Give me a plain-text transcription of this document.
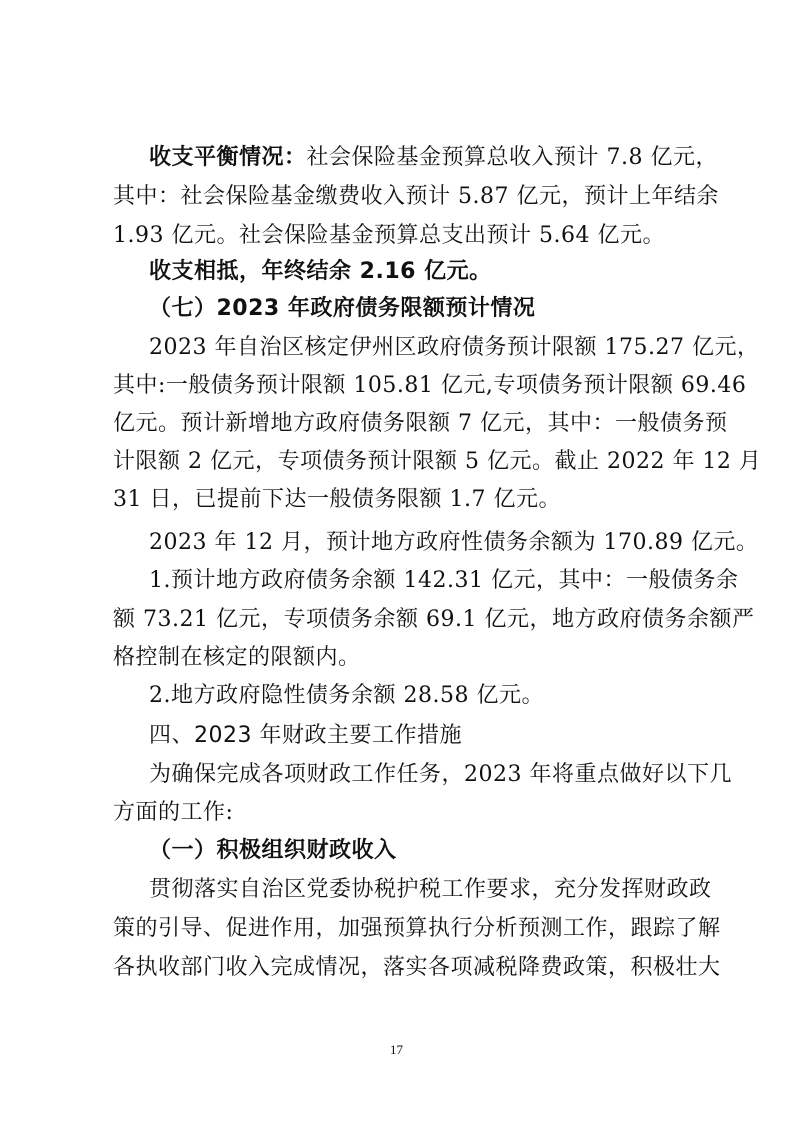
收支平衡情况：社会保险基金预算总收入预计 7.8 亿元，
其中：社会保险基金缴费收入预计 5.87 亿元，预计上年结余
1.93 亿元。社会保险基金预算总支出预计 5.64 亿元。
收支相抵，年终结余 2.16 亿元。
（七）2023 年政府债务限额预计情况
2023 年自治区核定伊州区政府债务预计限额 175.27 亿元，
其中:一般债务预计限额 105.81 亿元,专项债务预计限额 69.46
亿元。预计新增地方政府债务限额 7 亿元，其中：一般债务预
计限额 2 亿元，专项债务预计限额 5 亿元。截止 2022 年 12 月
31 日，已提前下达一般债务限额 1.7 亿元。
2023 年 12 月，预计地方政府性债务余额为 170.89 亿元。
1.预计地方政府债务余额 142.31 亿元，其中：一般债务余
额 73.21 亿元，专项债务余额 69.1 亿元，地方政府债务余额严
格控制在核定的限额内。
2.地方政府隐性债务余额 28.58 亿元。
四、2023 年财政主要工作措施
为确保完成各项财政工作任务，2023 年将重点做好以下几
方面的工作:
（一）积极组织财政收入
贯彻落实自治区党委协税护税工作要求，充分发挥财政政
策的引导、促进作用，加强预算执行分析预测工作，跟踪了解
各执收部门收入完成情况，落实各项减税降费政策，积极壮大
17
